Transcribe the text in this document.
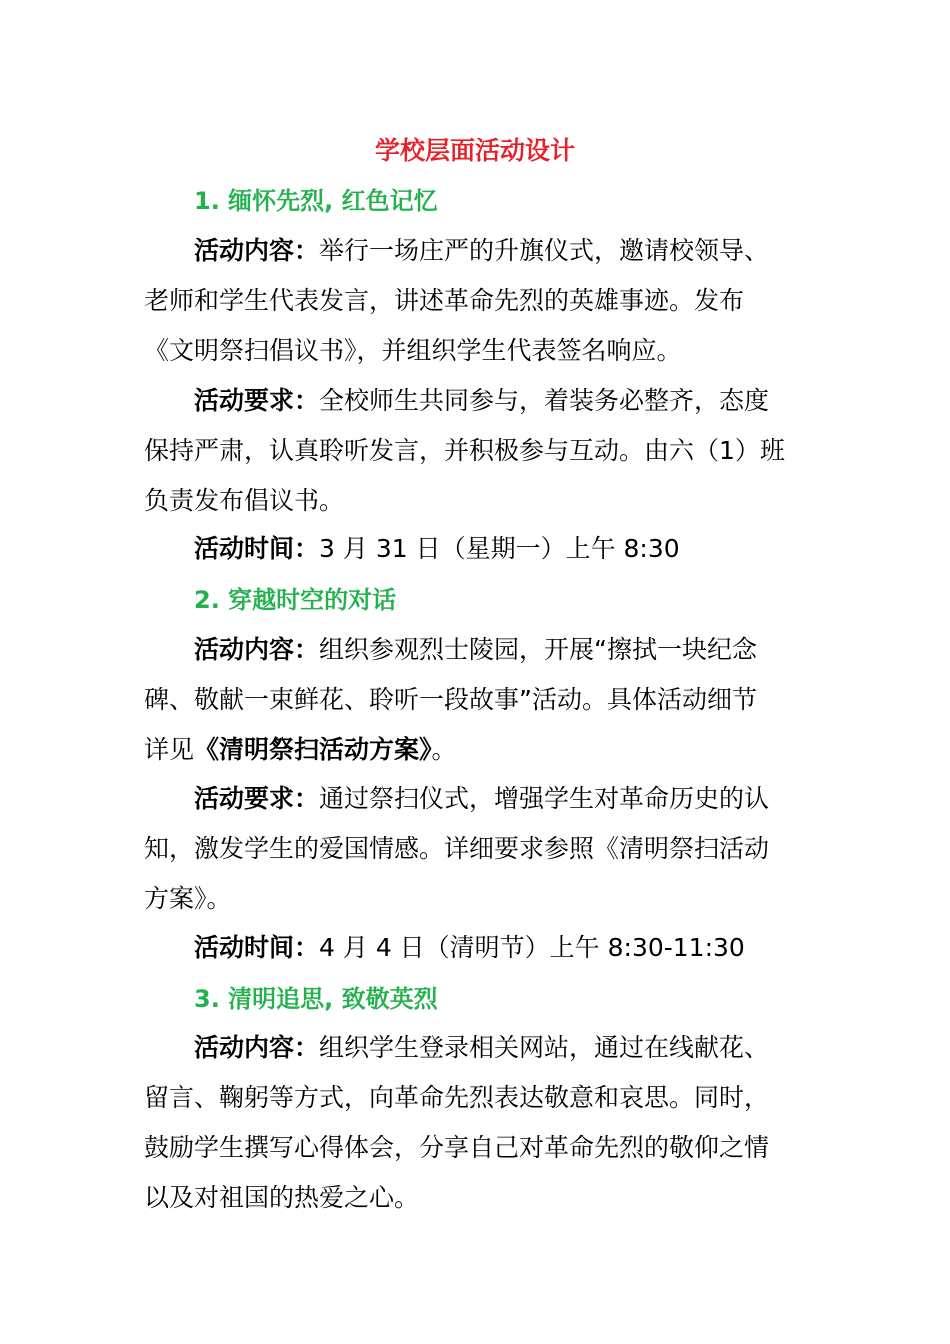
学校层面活动设计
1. 缅怀先烈, 红色记忆
活动内容：举行一场庄严的升旗仪式，邀请校领导、
老师和学生代表发言，讲述革命先烈的英雄事迹。发布
《文明祭扫倡议书》，并组织学生代表签名响应。
活动要求：全校师生共同参与，着装务必整齐，态度
保持严肃，认真聆听发言，并积极参与互动。由六（1）班
负责发布倡议书。
活动时间：3 月 31 日（星期一）上午 8:30
2. 穿越时空的对话
活动内容：组织参观烈士陵园，开展“擦拭一块纪念
碑、敬献一束鲜花、聆听一段故事”活动。具体活动细节
详见《清明祭扫活动方案》。
活动要求：通过祭扫仪式，增强学生对革命历史的认
知，激发学生的爱国情感。详细要求参照《清明祭扫活动
方案》。
活动时间：4 月 4 日（清明节）上午 8:30-11:30
3. 清明追思, 致敬英烈
活动内容：组织学生登录相关网站，通过在线献花、
留言、鞠躬等方式，向革命先烈表达敬意和哀思。同时，
鼓励学生撰写心得体会，分享自己对革命先烈的敬仰之情
以及对祖国的热爱之心。
